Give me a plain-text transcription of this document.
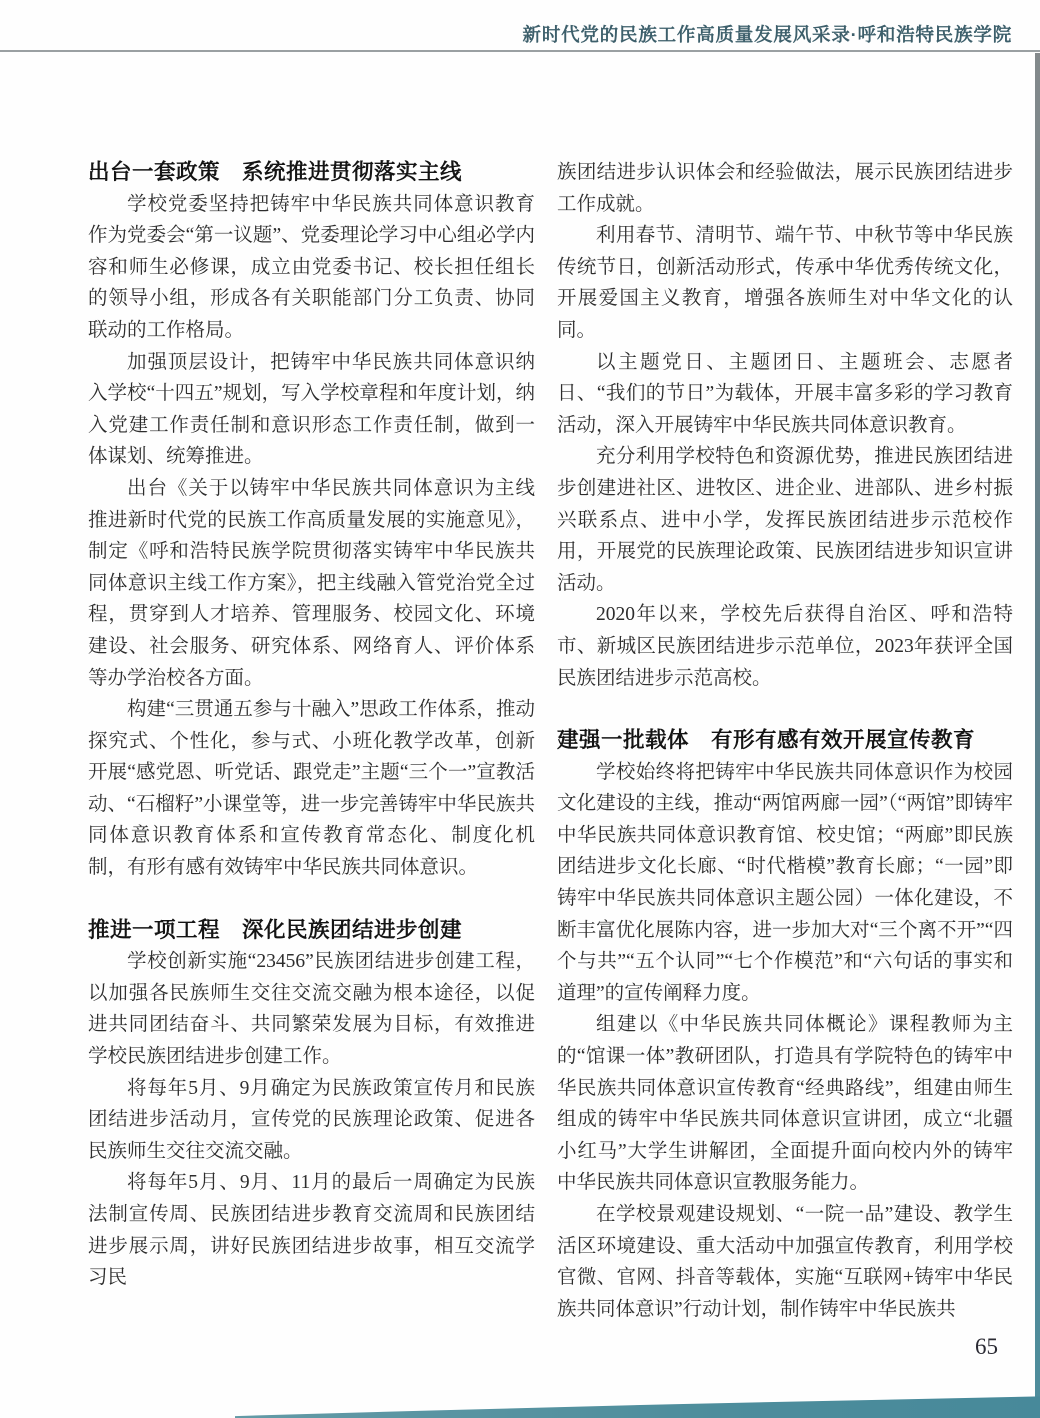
新时代党的民族工作高质量发展风采录·呼和浩特民族学院
出台一套政策　系统推进贯彻落实主线

学校党委坚持把铸牢中华民族共同体意识教育作为党委会“第一议题”、党委理论学习中心组必学内容和师生必修课，成立由党委书记、校长担任组长的领导小组，形成各有关职能部门分工负责、协同联动的工作格局。

加强顶层设计，把铸牢中华民族共同体意识纳入学校“十四五”规划，写入学校章程和年度计划，纳入党建工作责任制和意识形态工作责任制，做到一体谋划、统筹推进。

出台《关于以铸牢中华民族共同体意识为主线推进新时代党的民族工作高质量发展的实施意见》，制定《呼和浩特民族学院贯彻落实铸牢中华民族共同体意识主线工作方案》，把主线融入管党治党全过程，贯穿到人才培养、管理服务、校园文化、环境建设、社会服务、研究体系、网络育人、评价体系等办学治校各方面。

构建“三贯通五参与十融入”思政工作体系，推动探究式、个性化，参与式、小班化教学改革，创新开展“感党恩、听党话、跟党走”主题“三个一”宣教活动、“石榴籽”小课堂等，进一步完善铸牢中华民族共同体意识教育体系和宣传教育常态化、制度化机制，有形有感有效铸牢中华民族共同体意识。

推进一项工程　深化民族团结进步创建

学校创新实施“23456”民族团结进步创建工程，以加强各民族师生交往交流交融为根本途径，以促进共同团结奋斗、共同繁荣发展为目标，有效推进学校民族团结进步创建工作。

将每年5月、9月确定为民族政策宣传月和民族团结进步活动月，宣传党的民族理论政策、促进各民族师生交往交流交融。

将每年5月、9月、11月的最后一周确定为民族法制宣传周、民族团结进步教育交流周和民族团结进步展示周，讲好民族团结进步故事，相互交流学习民

族团结进步认识体会和经验做法，展示民族团结进步工作成就。

利用春节、清明节、端午节、中秋节等中华民族传统节日，创新活动形式，传承中华优秀传统文化，开展爱国主义教育，增强各族师生对中华文化的认同。

以主题党日、主题团日、主题班会、志愿者日、“我们的节日”为载体，开展丰富多彩的学习教育活动，深入开展铸牢中华民族共同体意识教育。

充分利用学校特色和资源优势，推进民族团结进步创建进社区、进牧区、进企业、进部队、进乡村振兴联系点、进中小学，发挥民族团结进步示范校作用，开展党的民族理论政策、民族团结进步知识宣讲活动。

2020年以来，学校先后获得自治区、呼和浩特市、新城区民族团结进步示范单位，2023年获评全国民族团结进步示范高校。

建强一批载体　有形有感有效开展宣传教育

学校始终将把铸牢中华民族共同体意识作为校园文化建设的主线，推动“两馆两廊一园”（“两馆”即铸牢中华民族共同体意识教育馆、校史馆；“两廊”即民族团结进步文化长廊、“时代楷模”教育长廊；“一园”即铸牢中华民族共同体意识主题公园）一体化建设，不断丰富优化展陈内容，进一步加大对“三个离不开”“四个与共”“五个认同”“七个作模范”和“六句话的事实和道理”的宣传阐释力度。

组建以《中华民族共同体概论》课程教师为主的“馆课一体”教研团队，打造具有学院特色的铸牢中华民族共同体意识宣传教育“经典路线”，组建由师生组成的铸牢中华民族共同体意识宣讲团，成立“北疆小红马”大学生讲解团，全面提升面向校内外的铸牢中华民族共同体意识宣教服务能力。

在学校景观建设规划、“一院一品”建设、教学生活区环境建设、重大活动中加强宣传教育，利用学校官微、官网、抖音等载体，实施“互联网+铸牢中华民族共同体意识”行动计划，制作铸牢中华民族共

65
